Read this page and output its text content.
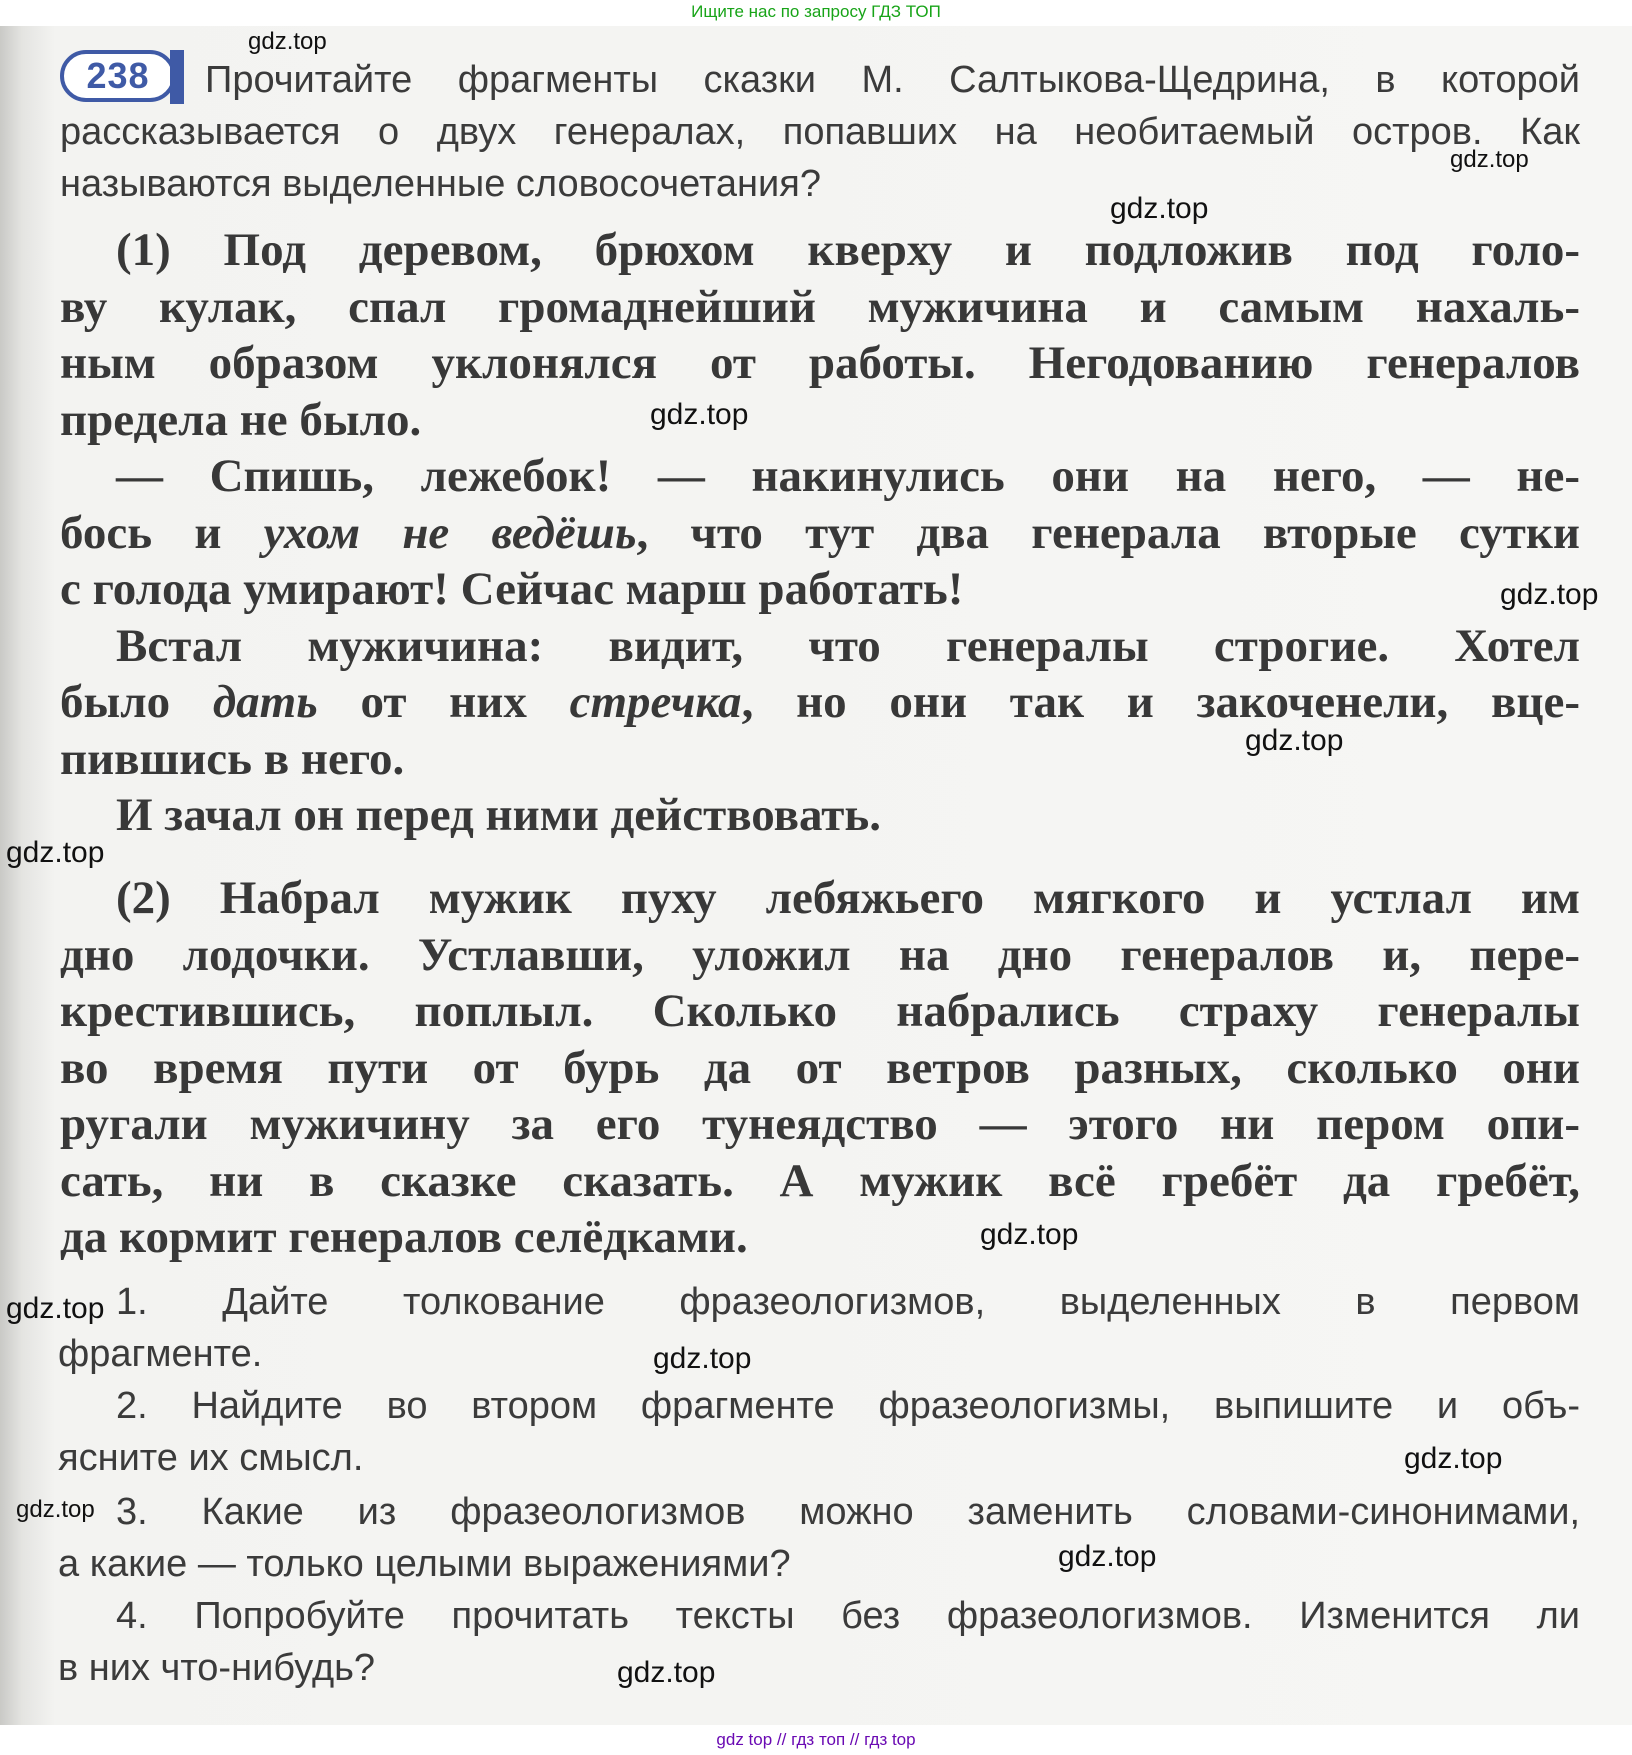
Ищите нас по запросу ГДЗ ТОП
238	Прочитайте фрагменты сказки М. Салтыкова-Щедрина, в которой
рассказывается о двух генералах, попавших на необитаемый остров. Как
называются выделенные словосочетания?
(1) Под деревом, брюхом кверху и подложив под голо-
ву кулак, спал громаднейший мужичина и самым нахаль-
ным образом уклонялся от работы. Негодованию генералов
предела не было.
— Спишь, лежебок! — накинулись они на него, — не-
бось и ухом не ведёшь, что тут два генерала вторые сутки
с голода умирают! Сейчас марш работать!
Встал мужичина: видит, что генералы строгие. Хотел
было дать от них стречка, но они так и закоченели, вце-
пившись в него.
И зачал он перед ними действовать.
(2) Набрал мужик пуху лебяжьего мягкого и устлал им
дно лодочки. Устлавши, уложил на дно генералов и, пере-
крестившись, поплыл. Сколько набрались страху генералы
во время пути от бурь да от ветров разных, сколько они
ругали мужичину за его тунеядство — этого ни пером опи-
сать, ни в сказке сказать. А мужик всё гребёт да гребёт,
да кормит генералов селёдками.
1. Дайте толкование фразеологизмов, выделенных в первом
фрагменте.
2. Найдите во втором фрагменте фразеологизмы, выпишите и объ-
ясните их смысл.
3. Какие из фразеологизмов можно заменить словами-синонимами,
а какие — только целыми выражениями?
4. Попробуйте прочитать тексты без фразеологизмов. Изменится ли
в них что-нибудь?
gdz.top
gdz.top
gdz.top
gdz.top
gdz.top
gdz.top
gdz.top
gdz.top
gdz.top
gdz.top
gdz.top
gdz.top
gdz.top
gdz.top
gdz top // гдз топ // гдз top
